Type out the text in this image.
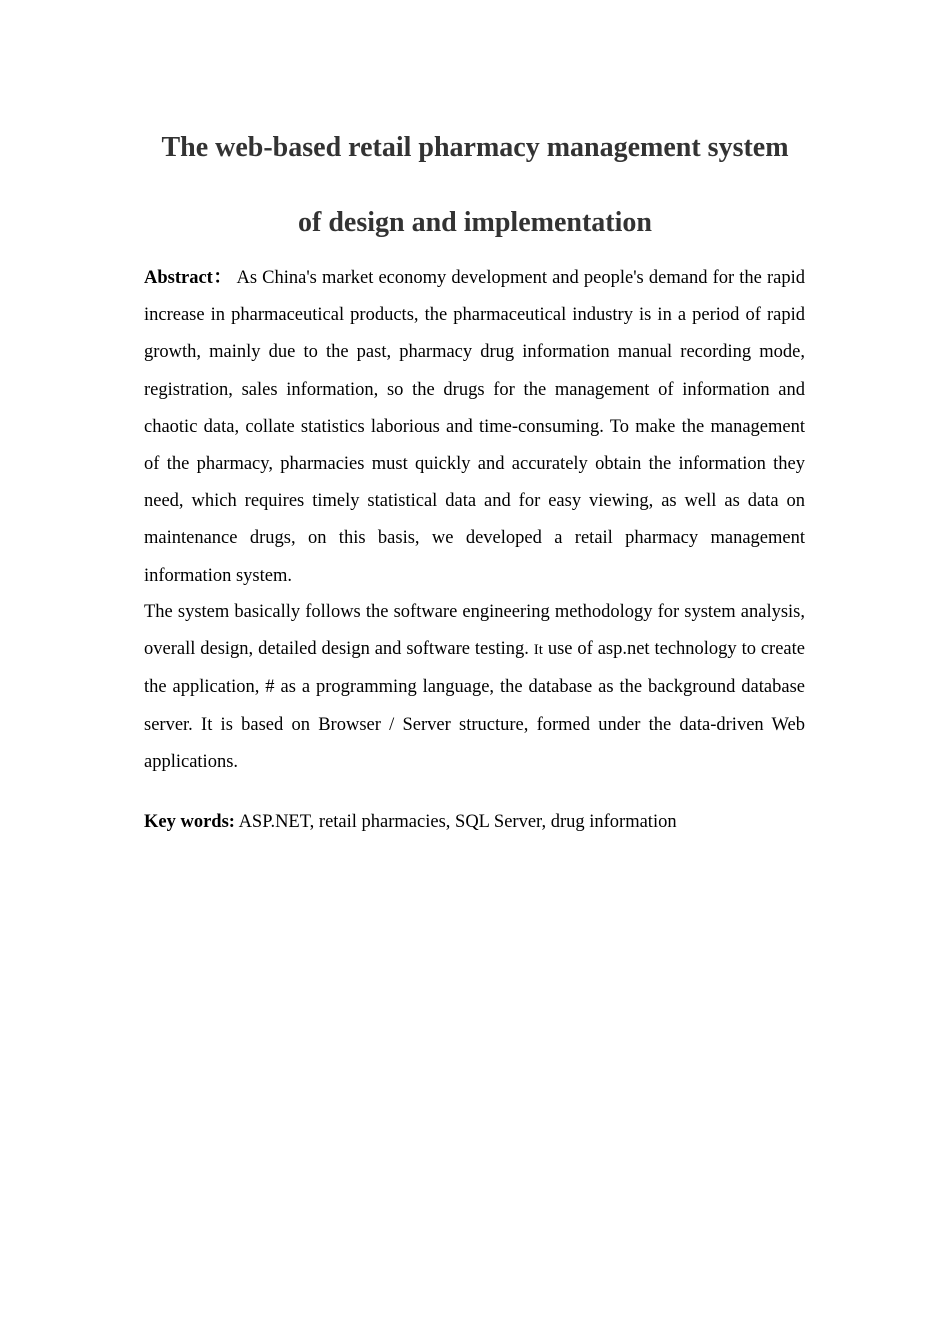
The web-based retail pharmacy management system
of design and implementation

Abstract： As China's market economy development and people's demand for the rapid increase in pharmaceutical products, the pharmaceutical industry is in a period of rapid growth, mainly due to the past, pharmacy drug information manual recording mode, registration, sales information, so the drugs for the management of information and chaotic data, collate statistics laborious and time-consuming. To make the management of the pharmacy, pharmacies must quickly and accurately obtain the information they need, which requires timely statistical data and for easy viewing, as well as data on maintenance drugs, on this basis, we developed a retail pharmacy management information system.

The system basically follows the software engineering methodology for system analysis, overall design, detailed design and software testing. It use of asp.net technology to create the application, # as a programming language, the database as the background database server. It is based on Browser / Server structure, formed under the data-driven Web applications.

Key words: ASP.NET, retail pharmacies, SQL Server, drug information
